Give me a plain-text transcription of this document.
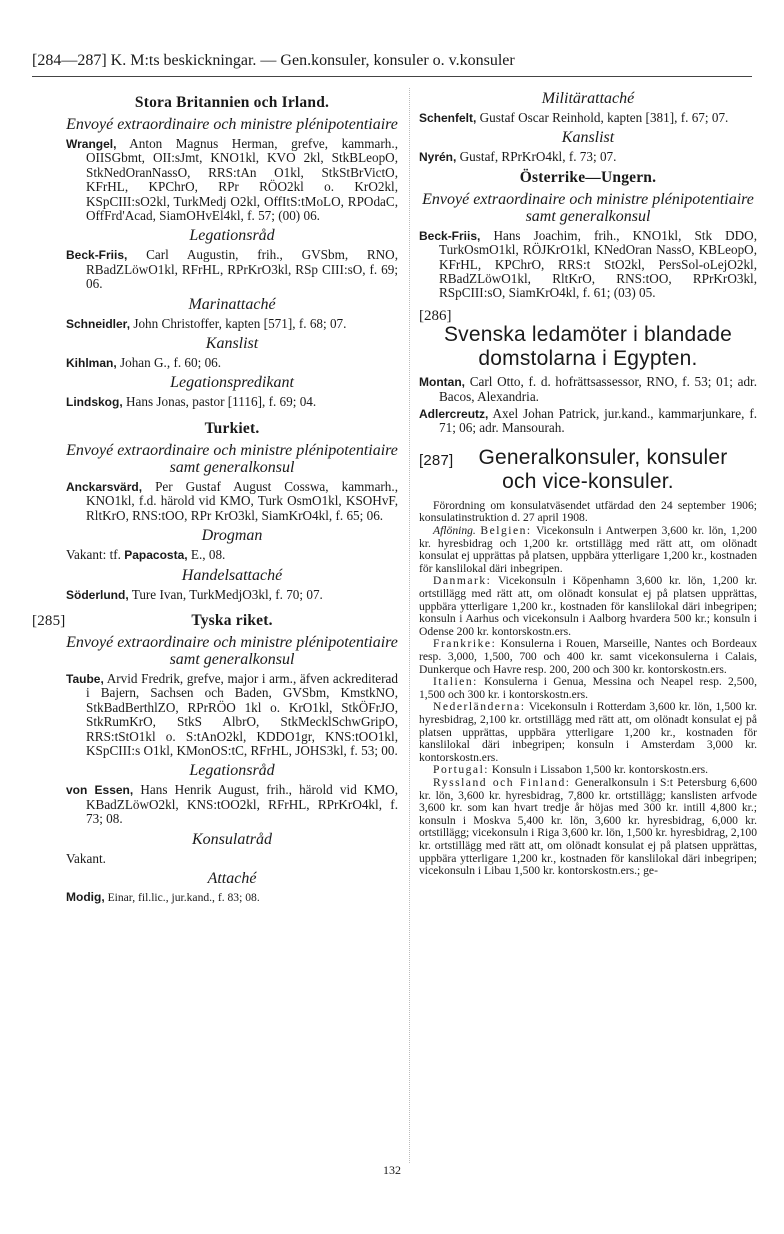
[284—287] K. M:ts beskickningar. — Gen.konsuler, konsuler o. v.konsuler
Stora Britannien och Irland.
Envoyé extraordinaire och ministre plénipotentiaire

Wrangel, Anton Magnus Herman, grefve, kammarh., OIISGbmt, OII:sJmt, KNO1kl, KVO 2kl, StkBLeopO, StkNedOranNassO, RRS:tAn O1kl, StkStBrVictO, KFrHL, KPChrO, RPr RÖO2kl o. KrO2kl, KSpCIII:sO2kl, TurkMedj O2kl, OffItS:tMoLO, RPOdaC, OffFrd'Acad, SiamOHvEl4kl, f. 57; (00) 06.

Legationsråd

Beck-Friis, Carl Augustin, frih., GVSbm, RNO, RBadZLöwO1kl, RFrHL, RPrKrO3kl, RSp CIII:sO, f. 69; 06.

Marinattaché

Schneidler, John Christoffer, kapten [571], f. 68; 07.

Kanslist

Kihlman, Johan G., f. 60; 06.

Legationspredikant

Lindskog, Hans Jonas, pastor [1116], f. 69; 04.

Turkiet.
Envoyé extraordinaire och ministre plénipotentiaire samt generalkonsul

Anckarsvärd, Per Gustaf August Cosswa, kammarh., KNO1kl, f.d. härold vid KMO, Turk OsmO1kl, KSOHvF, RltKrO, RNS:tOO, RPr KrO3kl, SiamKrO4kl, f. 65; 06.

Drogman

Vakant: tf. Papacosta, E., 08.

Handelsattaché

Söderlund, Ture Ivan, TurkMedjO3kl, f. 70; 07.

[285]	Tyska riket.
Envoyé extraordinaire och ministre plénipotentiaire samt generalkonsul

Taube, Arvid Fredrik, grefve, major i arm., äfven ackrediterad i Bajern, Sachsen och Baden, GVSbm, KmstkNO, StkBadBerthlZO, RPrRÖO 1kl o. KrO1kl, StkÖFrJO, StkRumKrO, StkS AlbrO, StkMecklSchwGripO, RRS:tStO1kl o. S:tAnO2kl, KDDO1gr, KNS:tOO1kl, KSpCIII:s O1kl, KMonOS:tC, RFrHL, JOHS3kl, f. 53; 00.

Legationsråd

von Essen, Hans Henrik August, frih., härold vid KMO, KBadZLöwO2kl, KNS:tOO2kl, RFrHL, RPrKrO4kl, f. 73; 08.

Konsulatråd

Vakant.

Attaché

Modig, Einar, fil.lic., jur.kand., f. 83; 08.

Militärattaché

Schenfelt, Gustaf Oscar Reinhold, kapten [381], f. 67; 07.

Kanslist

Nyrén, Gustaf, RPrKrO4kl, f. 73; 07.

Österrike—Ungern.
Envoyé extraordinaire och ministre plénipotentiaire samt generalkonsul

Beck-Friis, Hans Joachim, frih., KNO1kl, Stk DDO, TurkOsmO1kl, RÖJKrO1kl, KNedOran NassO, KBLeopO, KFrHL, KPChrO, RRS:t StO2kl, PersSol-oLejO2kl, RBadZLöwO1kl, RltKrO, RNS:tOO, RPrKrO3kl, RSpCIII:sO, SiamKrO4kl, f. 61; (03) 05.

[286]
Svenska ledamöter i blandade
domstolarna i Egypten.

Montan, Carl Otto, f. d. hofrättsassessor, RNO, f. 53; 01; adr. Bacos, Alexandria.

Adlercreutz, Axel Johan Patrick, jur.kand., kammarjunkare, f. 71; 06; adr. Mansourah.

[287] Generalkonsuler, konsuler
och vice-konsuler.

Förordning om konsulatväsendet utfärdad den 24 september 1906; konsulatinstruktion d. 27 april 1908.

Aflöning. Belgien: Vicekonsuln i Antwerpen 3,600 kr. lön, 1,200 kr. hyresbidrag och 1,200 kr. ortstillägg med rätt att, om olönadt konsulat ej upprättas på platsen, uppbära ytterligare 1,200 kr., kostnaden för kanslilokal däri inbegripen.

Danmark: Vicekonsuln i Köpenhamn 3,600 kr. lön, 1,200 kr. ortstillägg med rätt att, om olönadt konsulat ej på platsen upprättas, uppbära ytterligare 1,200 kr., kostnaden för kanslilokal däri inbegripen; konsuln i Aarhus och vicekonsuln i Aalborg hvardera 500 kr.; konsuln i Odense 200 kr. kontorskostn.ers.

Frankrike: Konsulerna i Rouen, Marseille, Nantes och Bordeaux resp. 3,000, 1,500, 700 och 400 kr. samt vicekonsulerna i Calais, Dunkerque och Havre resp. 200, 200 och 300 kr. kontorskostn.ers.

Italien: Konsulerna i Genua, Messina och Neapel resp. 2,500, 1,500 och 300 kr. i kontorskostn.ers.

Nederländerna: Vicekonsuln i Rotterdam 3,600 kr. lön, 1,500 kr. hyresbidrag, 2,100 kr. ortstillägg med rätt att, om olönadt konsulat ej på platsen upprättas, uppbära ytterligare 1,200 kr., kostnaden för kanslilokal däri inbegripen; konsuln i Amsterdam 3,000 kr. kontorskostn.ers.

Portugal: Konsuln i Lissabon 1,500 kr. kontorskostn.ers.

Ryssland och Finland: Generalkonsuln i S:t Petersburg 6,600 kr. lön, 3,600 kr. hyresbidrag, 7,800 kr. ortstillägg; kanslisten arfvode 3,600 kr. som kan hvart tredje år höjas med 300 kr. intill 4,800 kr.; konsuln i Moskva 5,400 kr. lön, 3,600 kr. hyresbidrag, 6,000 kr. ortstillägg; vicekonsuln i Riga 3,600 kr. lön, 1,500 kr. hyresbidrag, 2,100 kr. ortstillägg med rätt att, om olönadt konsulat ej på platsen upprättas, uppbära ytterligare 1,200 kr., kostnaden för kanslilokal däri inbegripen; vicekonsuln i Libau 1,500 kr. kontorskostn.ers.; ge-

132
